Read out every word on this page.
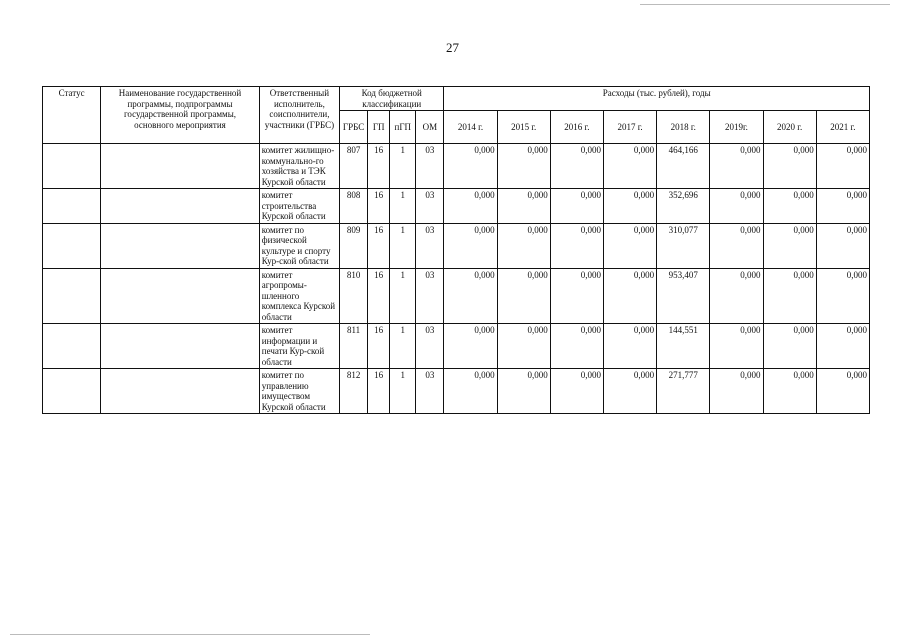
27
Статус	Наименование государственной программы, подпрограммы государственной программы, основного мероприятия	Ответственный исполнитель, соисполнители, участники (ГРБС)	Код бюджетной классификации				Расходы (тыс. рублей), годы							
			ГРБС	ГП	пГП	ОМ	2014 г.	2015 г.	2016 г.	2017 г.	2018 г.	2019г.	2020 г.	2021 г.
		комитет жилищно-коммунально-го хозяйства и ТЭК Курской области	807	16	1	03	0,000	0,000	0,000	0,000	464,166	0,000	0,000	0,000
		комитет строительства Курской области	808	16	1	03	0,000	0,000	0,000	0,000	352,696	0,000	0,000	0,000
		комитет по физической культуре и спорту Кур-ской области	809	16	1	03	0,000	0,000	0,000	0,000	310,077	0,000	0,000	0,000
		комитет агропромы-шленного комплекса Курской области	810	16	1	03	0,000	0,000	0,000	0,000	953,407	0,000	0,000	0,000
		комитет информации и печати Кур-ской области	811	16	1	03	0,000	0,000	0,000	0,000	144,551	0,000	0,000	0,000
		комитет по управлению имуществом Курской области	812	16	1	03	0,000	0,000	0,000	0,000	271,777	0,000	0,000	0,000
